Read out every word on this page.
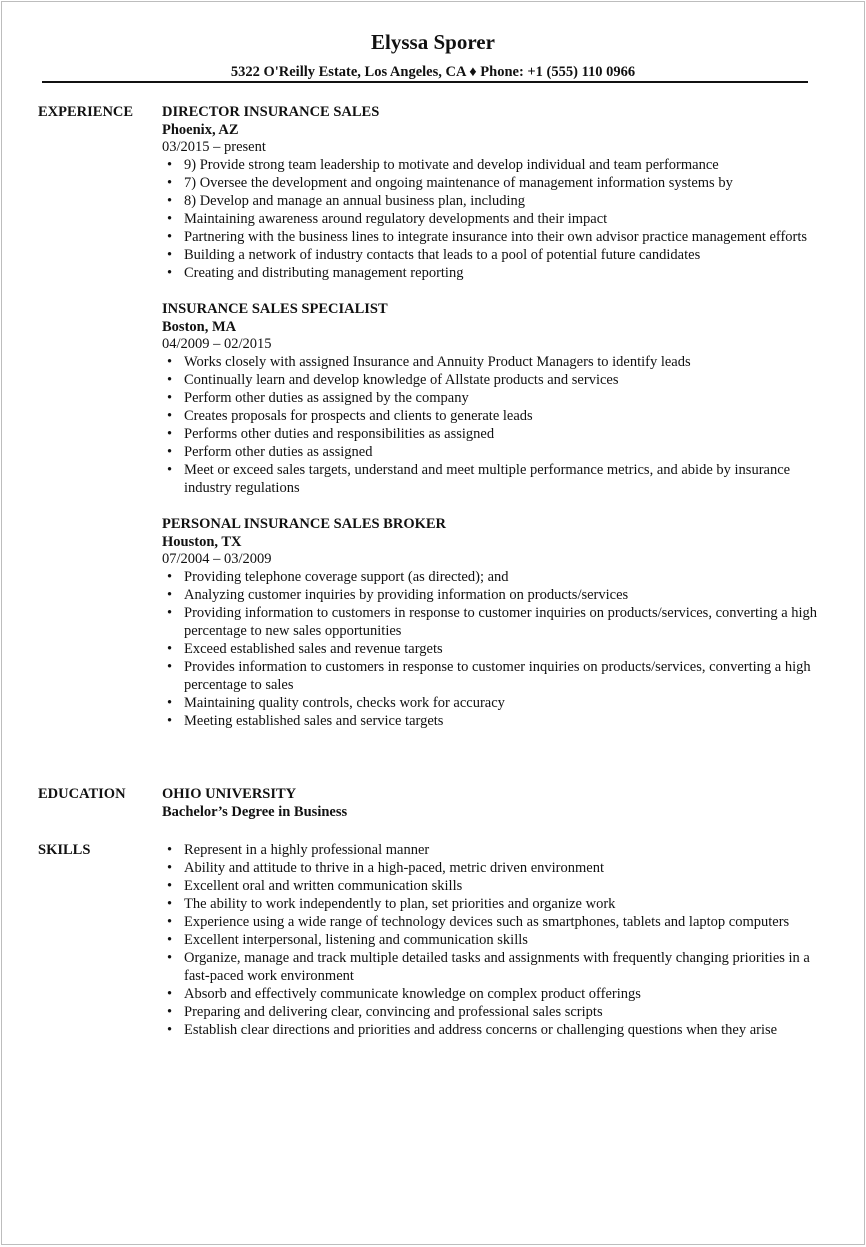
Elyssa Sporer
5322 O'Reilly Estate, Los Angeles, CA ♦ Phone: +1 (555) 110 0966
EXPERIENCE DIRECTOR INSURANCE SALES
Phoenix, AZ
03/2015 – present
• 9) Provide strong team leadership to motivate and develop individual and team performance
• 7) Oversee the development and ongoing maintenance of management information systems by
• 8) Develop and manage an annual business plan, including
• Maintaining awareness around regulatory developments and their impact
• Partnering with the business lines to integrate insurance into their own advisor practice management efforts
• Building a network of industry contacts that leads to a pool of potential future candidates
• Creating and distributing management reporting
INSURANCE SALES SPECIALIST
Boston, MA
04/2009 – 02/2015
• Works closely with assigned Insurance and Annuity Product Managers to identify leads
• Continually learn and develop knowledge of Allstate products and services
• Perform other duties as assigned by the company
• Creates proposals for prospects and clients to generate leads
• Performs other duties and responsibilities as assigned
• Perform other duties as assigned
• Meet or exceed sales targets, understand and meet multiple performance metrics, and abide by insurance industry regulations
PERSONAL INSURANCE SALES BROKER
Houston, TX
07/2004 – 03/2009
• Providing telephone coverage support (as directed); and
• Analyzing customer inquiries by providing information on products/services
• Providing information to customers in response to customer inquiries on products/services, converting a high percentage to new sales opportunities
• Exceed established sales and revenue targets
• Provides information to customers in response to customer inquiries on products/services, converting a high percentage to sales
• Maintaining quality controls, checks work for accuracy
• Meeting established sales and service targets
EDUCATION	OHIO UNIVERSITY
Bachelor’s Degree in Business
SKILLS
•	Represent in a highly professional manner
• Ability and attitude to thrive in a high-paced, metric driven environment
• Excellent oral and written communication skills
• The ability to work independently to plan, set priorities and organize work
• Experience using a wide range of technology devices such as smartphones, tablets and laptop computers
• Excellent interpersonal, listening and communication skills
• Organize, manage and track multiple detailed tasks and assignments with frequently changing priorities in a fast-paced work environment
• Absorb and effectively communicate knowledge on complex product offerings
• Preparing and delivering clear, convincing and professional sales scripts
• Establish clear directions and priorities and address concerns or challenging questions when they arise
